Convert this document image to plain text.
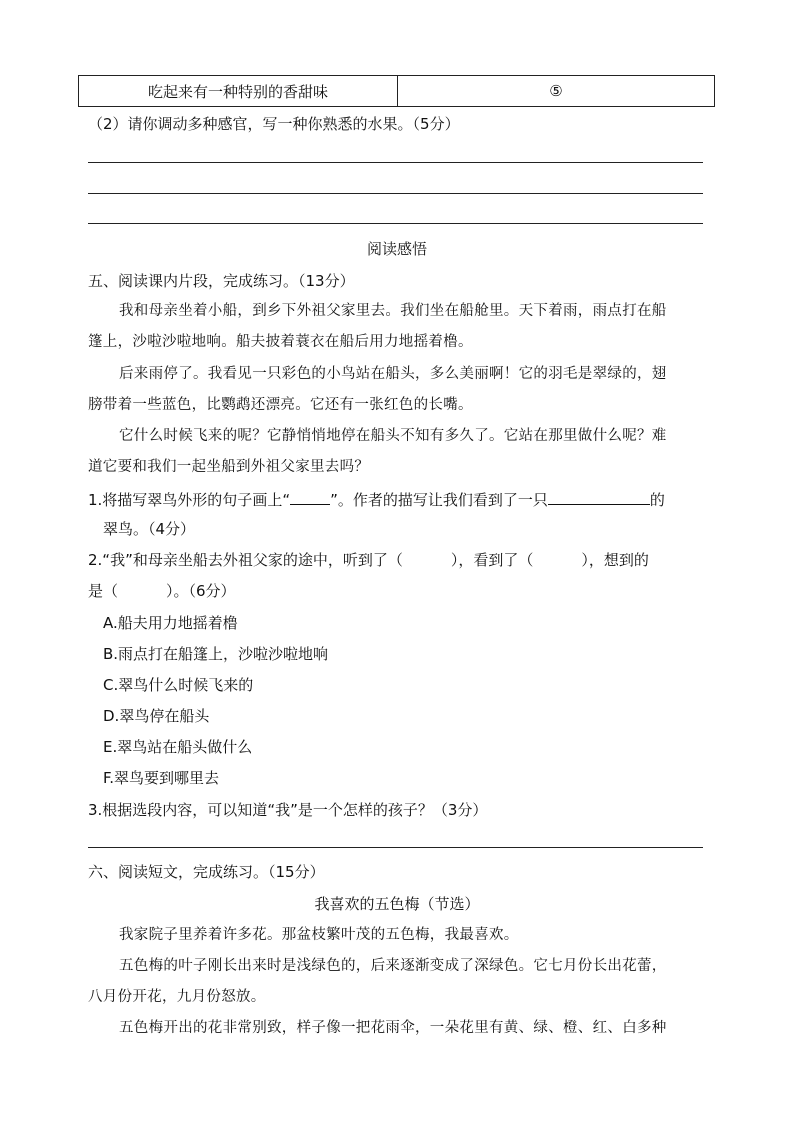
吃起来有一种特别的香甜味	⑤
（2）请你调动多种感官，写一种你熟悉的水果。（5分）
阅读感悟
五、阅读课内片段，完成练习。（13分）
我和母亲坐着小船，到乡下外祖父家里去。我们坐在船舱里。天下着雨，雨点打在船
篷上，沙啦沙啦地响。船夫披着蓑衣在船后用力地摇着橹。
后来雨停了。我看见一只彩色的小鸟站在船头，多么美丽啊！它的羽毛是翠绿的，翅
膀带着一些蓝色，比鹦鹉还漂亮。它还有一张红色的长嘴。
它什么时候飞来的呢？它静悄悄地停在船头不知有多久了。它站在那里做什么呢？难
道它要和我们一起坐船到外祖父家里去吗？
1.将描写翠鸟外形的句子画上“	”。作者的描写让我们看到了一只	的
翠鸟。（4分）
2.“我”和母亲坐船去外祖父家的途中，听到了（	），看到了（	），想到的
是（	）。（6分）
A.船夫用力地摇着橹
B.雨点打在船篷上，沙啦沙啦地响
C.翠鸟什么时候飞来的
D.翠鸟停在船头
E.翠鸟站在船头做什么
F.翠鸟要到哪里去
3.根据选段内容，可以知道“我”是一个怎样的孩子？（3分）
六、阅读短文，完成练习。（15分）
我喜欢的五色梅（节选）
我家院子里养着许多花。那盆枝繁叶茂的五色梅，我最喜欢。
五色梅的叶子刚长出来时是浅绿色的，后来逐渐变成了深绿色。它七月份长出花蕾，
八月份开花，九月份怒放。
五色梅开出的花非常别致，样子像一把花雨伞，一朵花里有黄、绿、橙、红、白多种
